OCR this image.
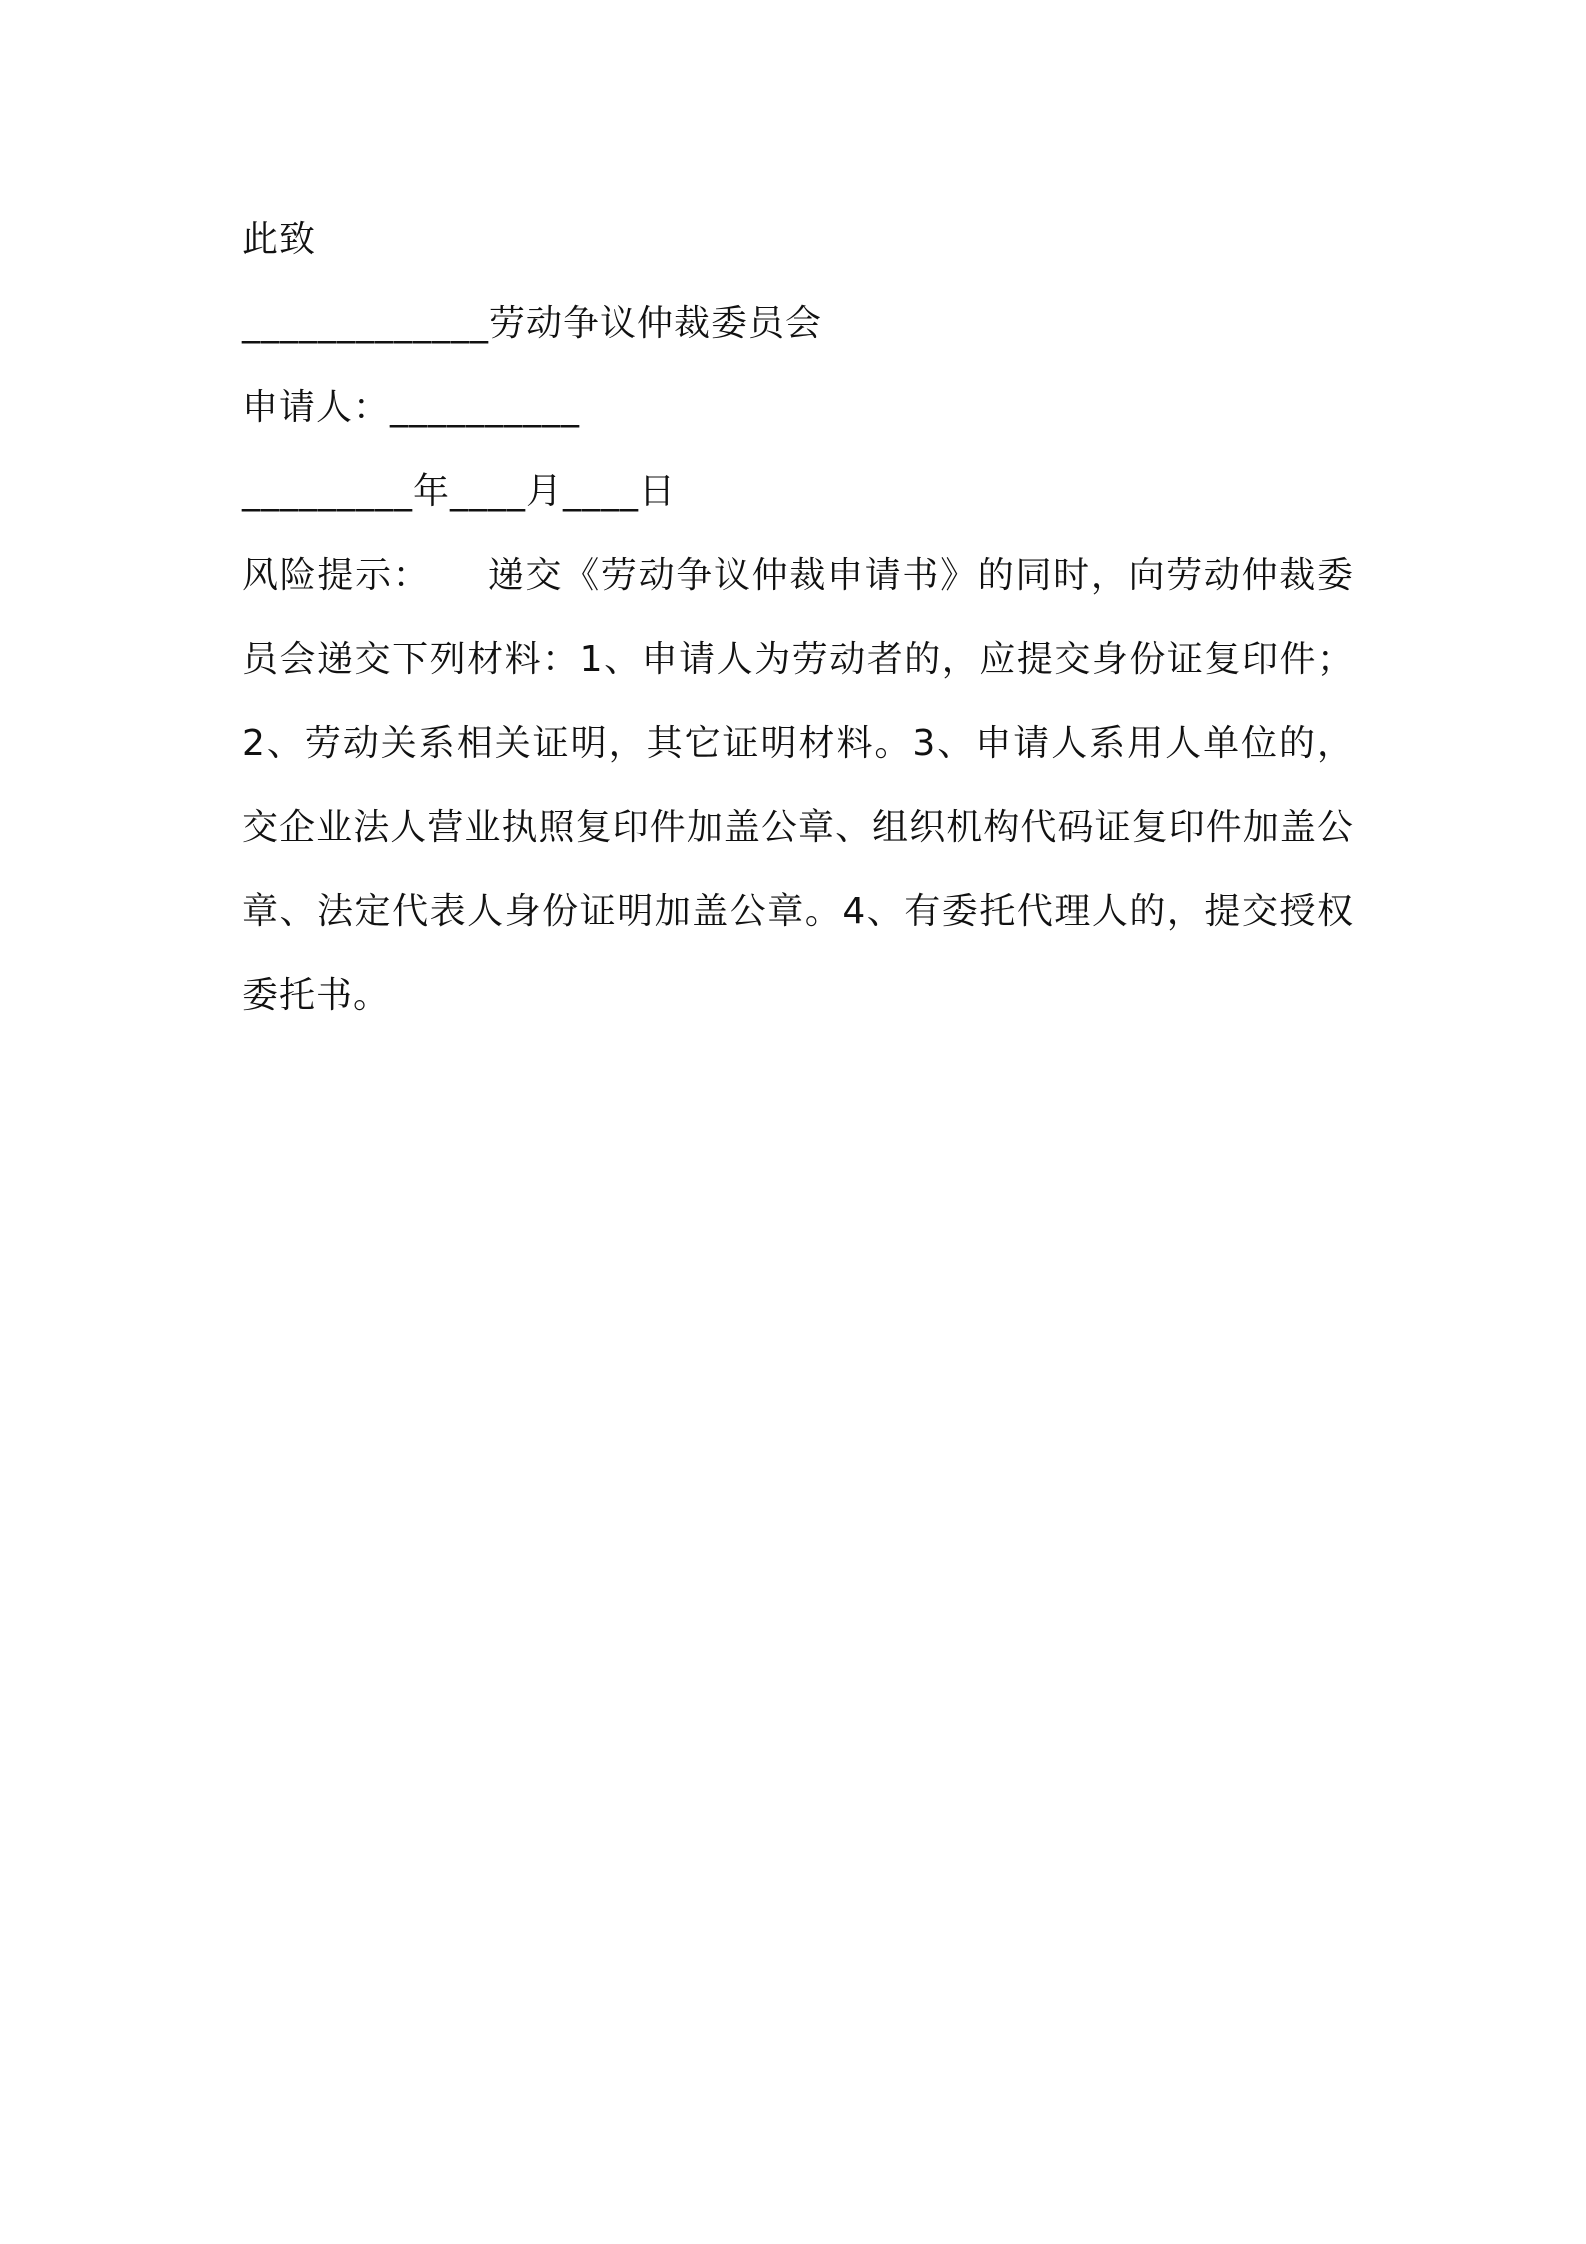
此致
_____________劳动争议仲裁委员会
申请人：__________
_________年____月____日
风险提示：　　递交《劳动争议仲裁申请书》的同时，向劳动仲裁委员会递交下列材料：1、申请人为劳动者的，应提交身份证复印件；2、劳动关系相关证明，其它证明材料。3、申请人系用人单位的，交企业法人营业执照复印件加盖公章、组织机构代码证复印件加盖公章、法定代表人身份证明加盖公章。4、有委托代理人的，提交授权委托书。
